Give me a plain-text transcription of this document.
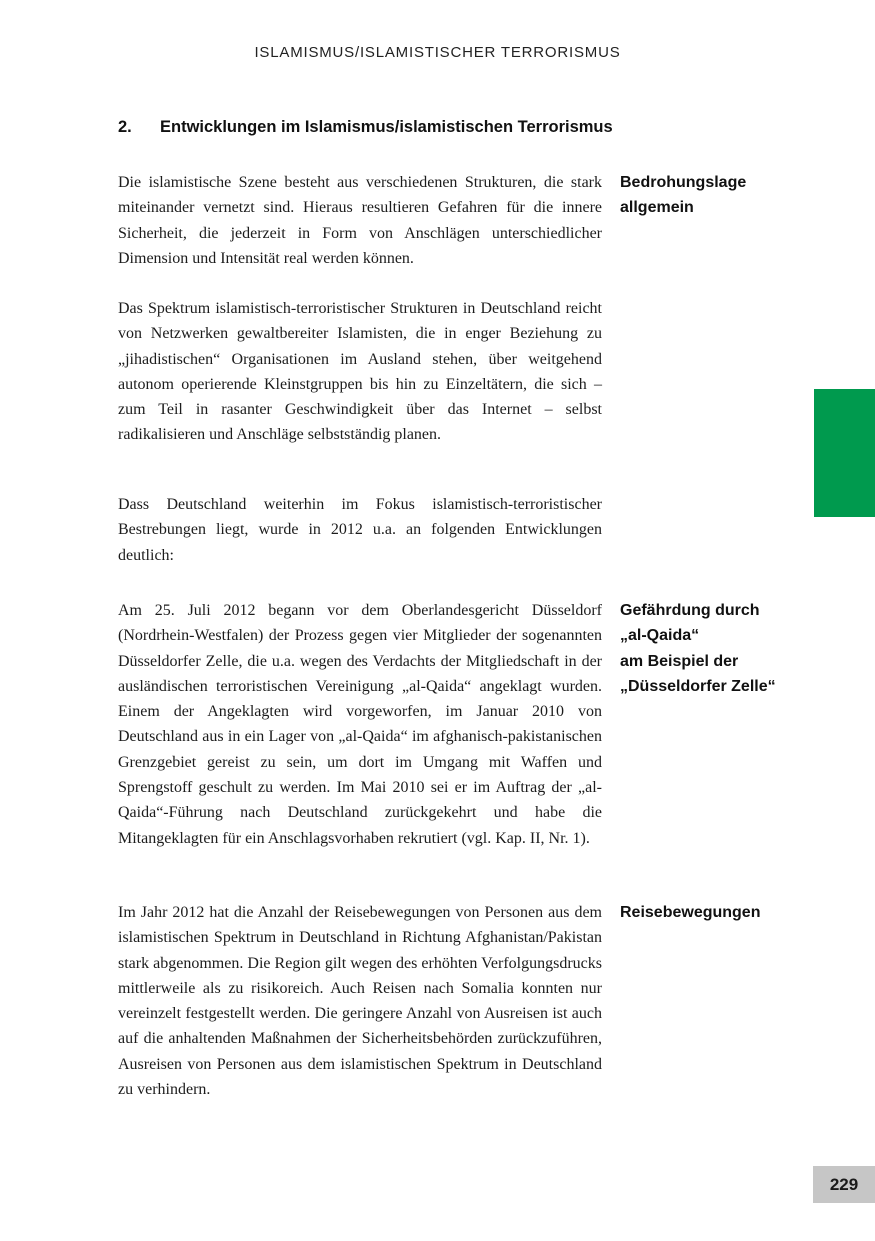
ISLAMISMUS/ISLAMISTISCHER TERRORISMUS
2. Entwicklungen im Islamismus/islamistischen Terrorismus

Die islamistische Szene besteht aus verschiedenen Strukturen, die stark miteinander vernetzt sind. Hieraus resultieren Gefahren für die innere Sicherheit, die jederzeit in Form von Anschlägen unterschiedlicher Dimension und Intensität real werden können.

Bedrohungslage
allgemein

Das Spektrum islamistisch-terroristischer Strukturen in Deutschland reicht von Netzwerken gewaltbereiter Islamisten, die in enger Beziehung zu „jihadistischen“ Organisationen im Ausland stehen, über weitgehend autonom operierende Kleinstgruppen bis hin zu Einzeltätern, die sich – zum Teil in rasanter Geschwindigkeit über das Internet – selbst radikalisieren und Anschläge selbstständig planen.

Dass Deutschland weiterhin im Fokus islamistisch-terroristischer Bestrebungen liegt, wurde in 2012 u.a. an folgenden Entwicklungen deutlich:

Am 25. Juli 2012 begann vor dem Oberlandesgericht Düsseldorf (Nordrhein-Westfalen) der Prozess gegen vier Mitglieder der sogenannten Düsseldorfer Zelle, die u.a. wegen des Verdachts der Mitgliedschaft in der ausländischen terroristischen Vereinigung „al-Qaida“ angeklagt wurden. Einem der Angeklagten wird vorgeworfen, im Januar 2010 von Deutschland aus in ein Lager von „al-Qaida“ im afghanisch-pakistanischen Grenzgebiet gereist zu sein, um dort im Umgang mit Waffen und Sprengstoff geschult zu werden. Im Mai 2010 sei er im Auftrag der „al-Qaida“-Führung nach Deutschland zurückgekehrt und habe die Mitangeklagten für ein Anschlagsvorhaben rekrutiert (vgl. Kap. II, Nr. 1).

Gefährdung durch
„al-Qaida“
am Beispiel der
„Düsseldorfer Zelle“

Im Jahr 2012 hat die Anzahl der Reisebewegungen von Personen aus dem islamistischen Spektrum in Deutschland in Richtung Afghanistan/Pakistan stark abgenommen. Die Region gilt wegen des erhöhten Verfolgungsdrucks mittlerweile als zu risikoreich. Auch Reisen nach Somalia konnten nur vereinzelt festgestellt werden. Die geringere Anzahl von Ausreisen ist auch auf die anhaltenden Maßnahmen der Sicherheitsbehörden zurückzuführen, Ausreisen von Personen aus dem islamistischen Spektrum in Deutschland zu verhindern.

Reisebewegungen
229
